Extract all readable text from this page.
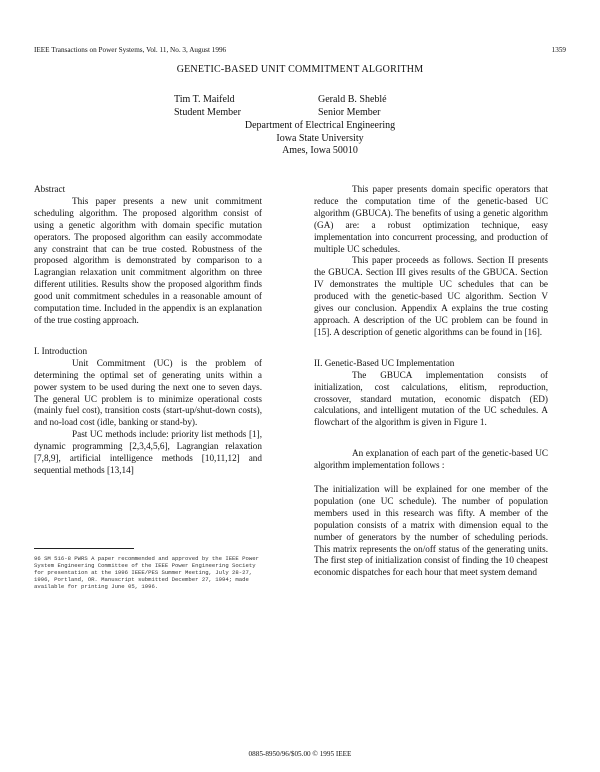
IEEE Transactions on Power Systems, Vol. 11, No. 3, August 1996	1359
GENETIC-BASED UNIT COMMITMENT ALGORITHM
Tim T. Maifeld
Student Member
Gerald B. Sheblé
Senior Member
Department of Electrical Engineering
Iowa State University
Ames, Iowa 50010

Abstract

This paper presents a new unit commitment scheduling algorithm. The proposed algorithm consist of using a genetic algorithm with domain specific mutation operators. The proposed algorithm can easily accommodate any constraint that can be true costed. Robustness of the proposed algorithm is demonstrated by comparison to a Lagrangian relaxation unit commitment algorithm on three different utilities. Results show the proposed algorithm finds good unit commitment schedules in a reasonable amount of computation time. Included in the appendix is an explanation of the true costing approach.

I. Introduction

Unit Commitment (UC) is the problem of determining the optimal set of generating units within a power system to be used during the next one to seven days. The general UC problem is to minimize operational costs (mainly fuel cost), transition costs (start-up/shut-down costs), and no-load cost (idle, banking or stand-by).

Past UC methods include: priority list methods [1], dynamic programming [2,3,4,5,6], Lagrangian relaxation [7,8,9], artificial intelligence methods [10,11,12] and sequential methods [13,14]

96 SM 516-8 PWRS A paper recommended and approved by the IEEE Power System Engineering Committee of the IEEE Power Engineering Society for presentation at the 1996 IEEE/PES Summer Meeting, July 28-27, 1996, Portland, OR. Manuscript submitted December 27, 1994; made available for printing June 05, 1996.

This paper presents domain specific operators that reduce the computation time of the genetic-based UC algorithm (GBUCA). The benefits of using a genetic algorithm (GA) are: a robust optimization technique, easy implementation into concurrent processing, and production of multiple UC schedules.

This paper proceeds as follows. Section II presents the GBUCA. Section III gives results of the GBUCA. Section IV demonstrates the multiple UC schedules that can be produced with the genetic-based UC algorithm. Section V gives our conclusion. Appendix A explains the true costing approach. A description of the UC problem can be found in [15]. A description of genetic algorithms can be found in [16].

II. Genetic-Based UC Implementation

The GBUCA implementation consists of initialization, cost calculations, elitism, reproduction, crossover, standard mutation, economic dispatch (ED) calculations, and intelligent mutation of the UC schedules. A flowchart of the algorithm is given in Figure 1.

An explanation of each part of the genetic-based UC algorithm implementation follows :

The initialization will be explained for one member of the population (one UC schedule). The number of population members used in this research was fifty. A member of the population consists of a matrix with dimension equal to the number of generators by the number of scheduling periods. This matrix represents the on/off status of the generating units. The first step of initialization consist of finding the 10 cheapest economic dispatches for each hour that meet system demand

0885-8950/96/$05.00 © 1995 IEEE
